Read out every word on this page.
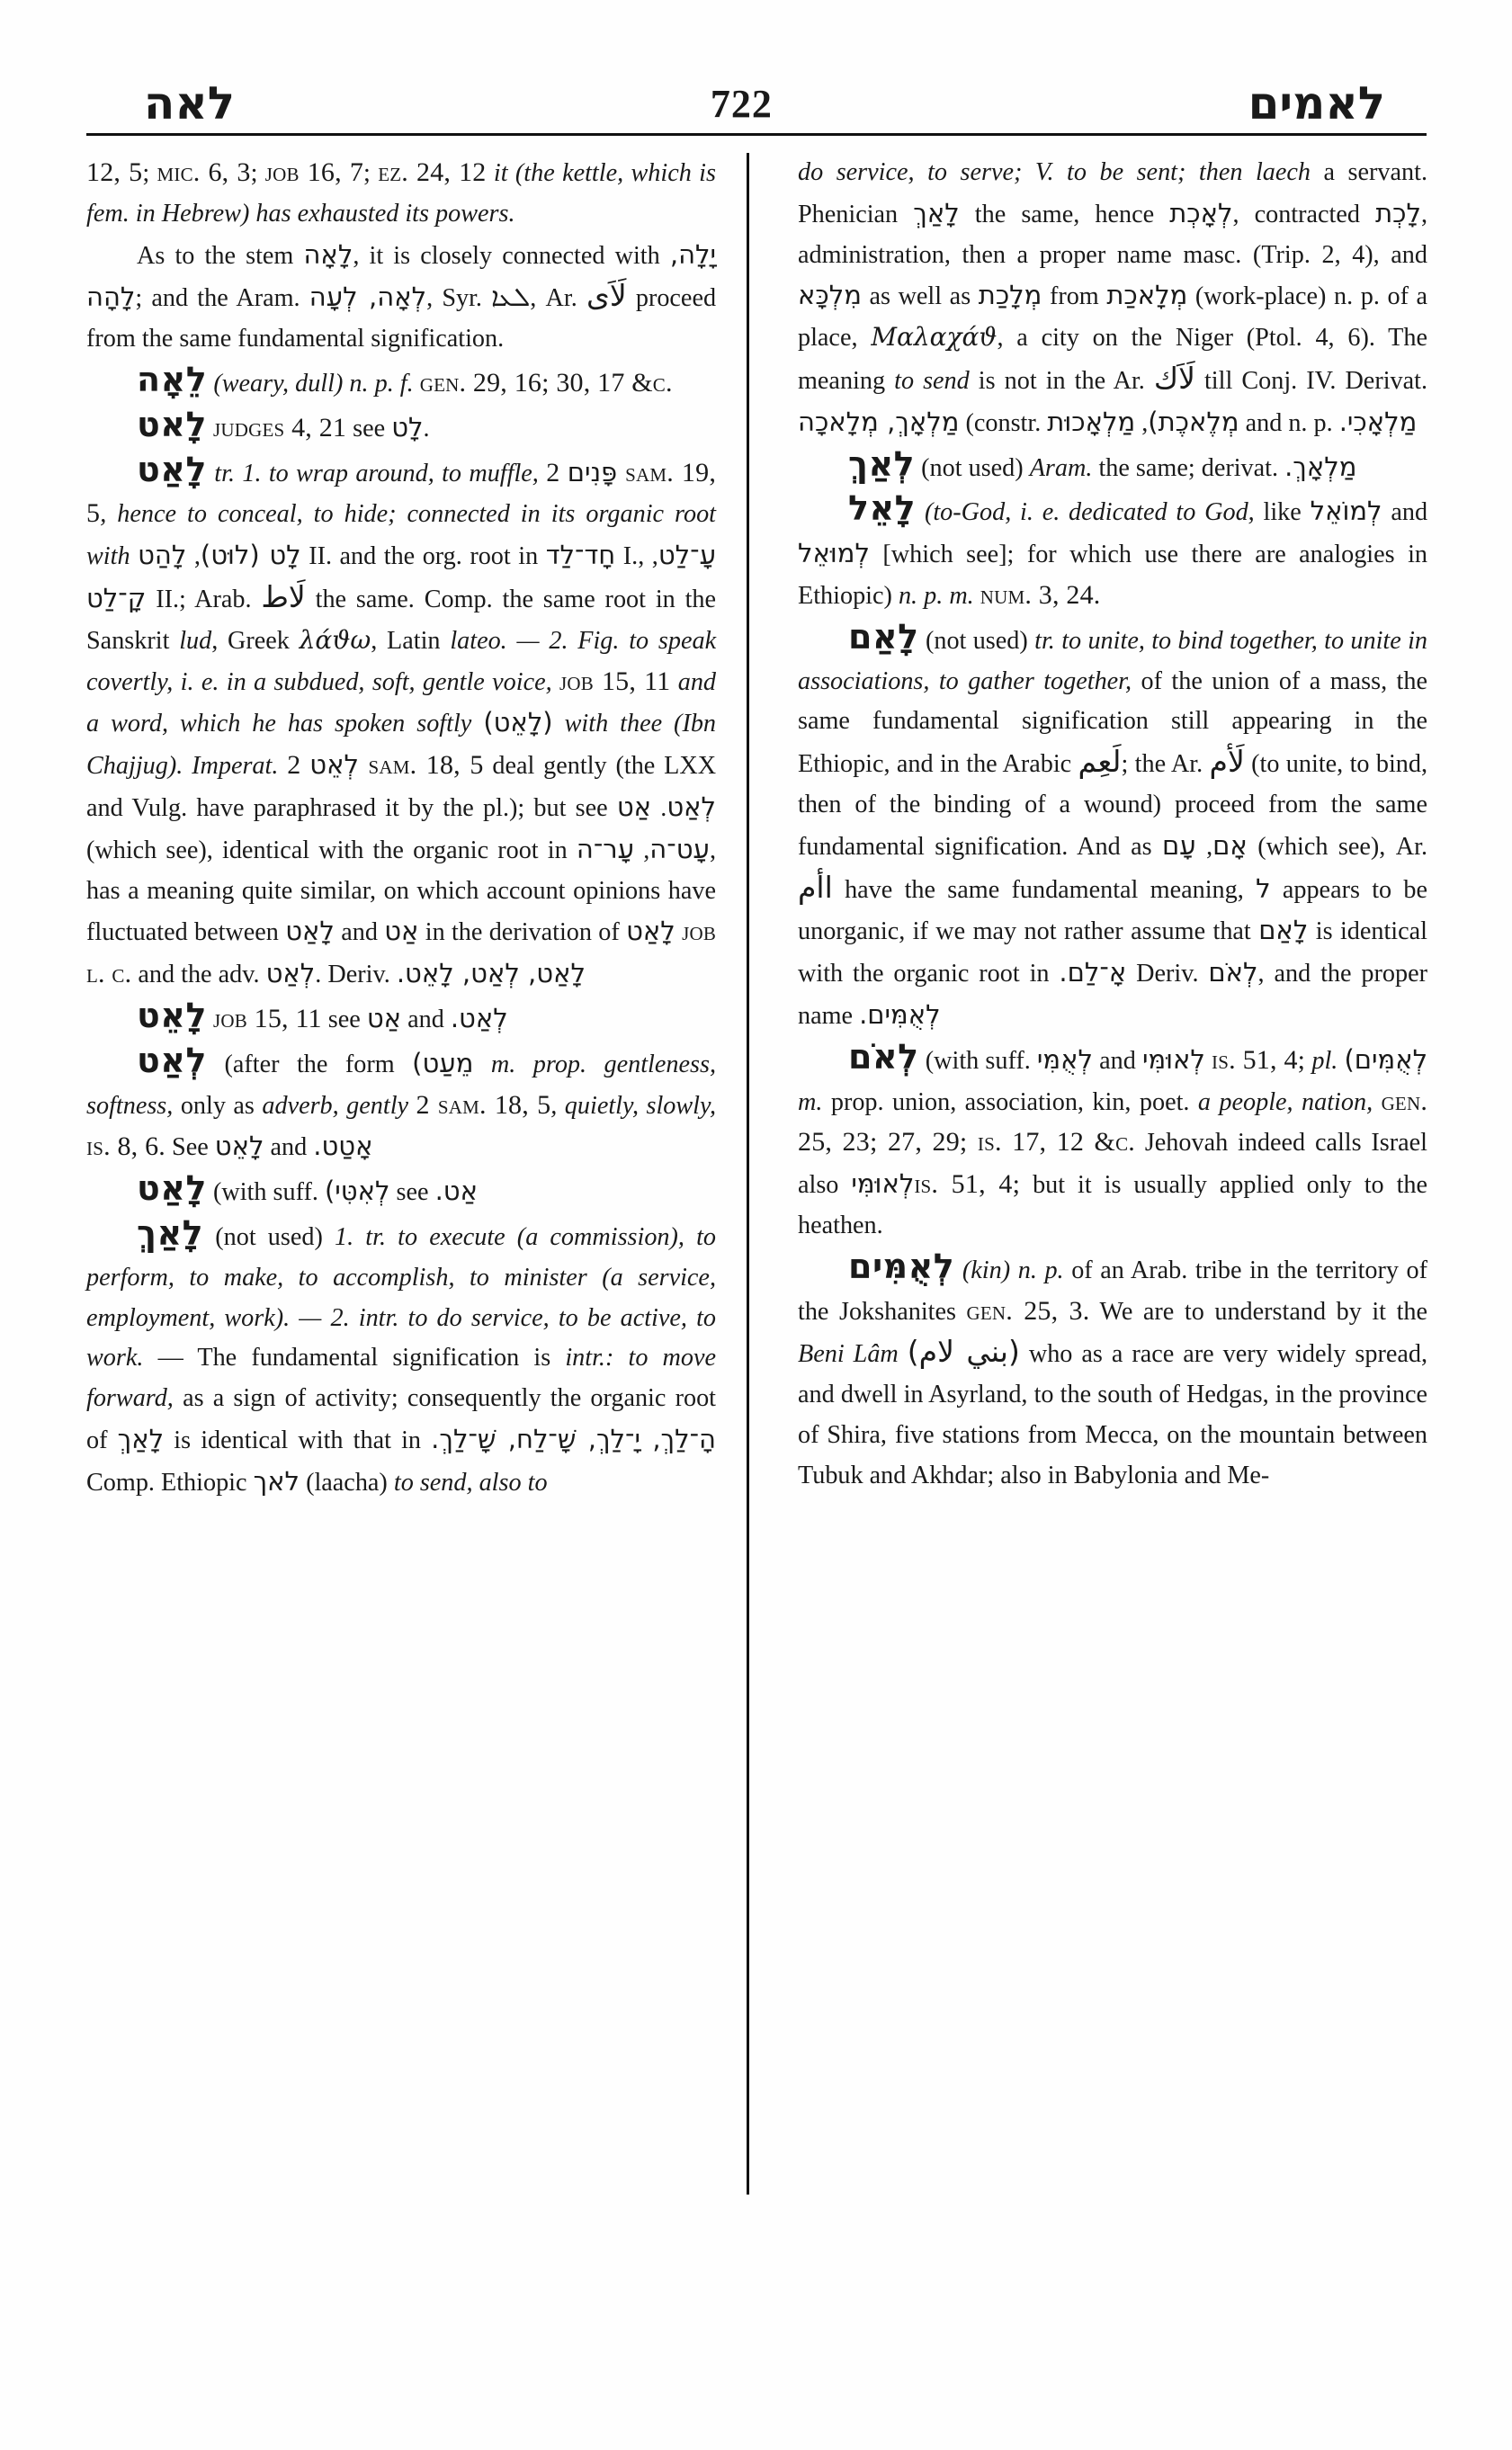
לאה	722	לאמים

12, 5; mic. 6, 3; job 16, 7; ez. 24, 12 it (the kettle, which is fem. in Hebrew) has exhausted its powers.

As to the stem לָאָה, it is closely connected with יָלָה, לָהָה; and the Aram. לְאָה, לְעָה, Syr. ܠܥܐ, Ar. لَاَى proceed from the same fundamental signification.

לֵאָה (weary, dull) n. p. f. gen. 29, 16; 30, 17 &c.

לָאט judges 4, 21 see לָט.

לָאַט tr. 1. to wrap around, to muffle, פָּנִים 2 sam. 19, 5, hence to conceal, to hide; connected in its organic root with	לָט (לוּט), לָהַט	II. and the org. root in חָד־לַד I., עָ־לַט, קָ־לַט II.; Arab. لَاط the same. Comp. the same root in the Sanskrit lud, Greek λάϑω, Latin lateo. — 2. Fig. to speak covertly, i. e. in a subdued, soft, gentle voice, job 15, 11 and a word, which he has spoken softly (לָאֵט) with thee (Ibn Chajjug). Imperat. לְאֵט 2 sam. 18, 5 deal gently (the LXX and Vulg. have paraphrased it by the pl.); but see לְאַט. אַט (which see), identical with the organic root in	עָט־ה, עָר־ה	, has a meaning quite similar, on which account opinions have fluctuated between לָאַט and אַט in the derivation of לָאַט job l. c. and the adv. לְאַט. Deriv. לָאַט, לְאַט, לָאֵט.

לָאֵט job 15, 11 see אַט and לְאַט.

לְאַט (after the form מֵעַט) m. prop. gentleness, softness, only as adverb, gently 2 sam. 18, 5, quietly, slowly, is. 8, 6. See לָאֵט and אָטַט.

לָאַט (with suff. לְאִטִּי) see אַט.

לָאַךְ (not used) 1. tr. to execute (a commission), to perform, to make, to accomplish, to minister (a service, employment, work). — 2. intr. to do service, to be active, to work. — The fundamental signification is intr.: to move forward, as a sign of activity; consequently the organic root of לָאַךְ is identical with that in הָ־לַךְ, יָ־לַךְ, שָׁ־לַח, שָׁ־לַךְ. Comp. Ethiopic לאך (laacha) to send, also to

do service, to serve; V. to be sent; then laech a servant. Phenician לָאַךְ the same, hence לְאָכְת, contracted לָכְת, administration, then a proper name masc. (Trip. 2, 4), and מִלְכָּא as well as מְלָכַת from מְלָאכַת (work-place) n. p. of a place, Μαλαχάϑ, a city on the Niger (Ptol. 4, 6). The meaning to send is not in the Ar. لَاَك till Conj. IV. Derivat. מַלְאָךְ, מְלָאכָה (constr.	מְלֶאכֶת), מַלְאָכוּת	and n. p. מַלְאָכִי.

לְאַךְ (not used) Aram. the same; derivat. מַלְאָךְ.

לָאֵל (to-God, i. e. dedicated to God, like לְמוֹאֵל and לְמוּאֵל [which see]; for which use there are analogies in Ethiopic) n. p. m. num. 3, 24.

לָאַם (not used) tr. to unite, to bind together, to unite in associations, to gather together, of the union of a mass, the same fundamental signification still appearing in the Ethiopic, and in the Arabic لَعِم; the Ar. لَأم (to unite, to bind, then of the binding of a wound) proceed from the same fundamental signification. And as אָם, עָם (which see), Ar. اأم have the same fundamental meaning, ל appears to be unorganic, if we may not rather assume that לָאַם is identical with the organic root in אָ־לַם. Deriv. לְאֹם, and the proper name לְאֻמִּים.

לְאֹם (with suff. לְאֻמִּי and לְאוּמִּי is. 51, 4; pl. לְאֻמִּים) m. prop. union, association, kin, poet. a people, nation, gen. 25, 23; 27, 29; is. 17, 12 &c. Jehovah indeed calls Israel also לְאוּמִּיis. 51, 4; but it is usually applied only to the heathen.

לְאֻמִּים (kin) n. p. of an Arab. tribe in the territory of the Jokshanites gen. 25, 3. We are to understand by it the Beni Lâm (بني لام) who as a race are very widely spread, and dwell in Asyrland, to the south of Hedgas, in the province of Shira, five stations from Mecca, on the mountain between Tubuk and Akhdar; also in Babylonia and Me-
